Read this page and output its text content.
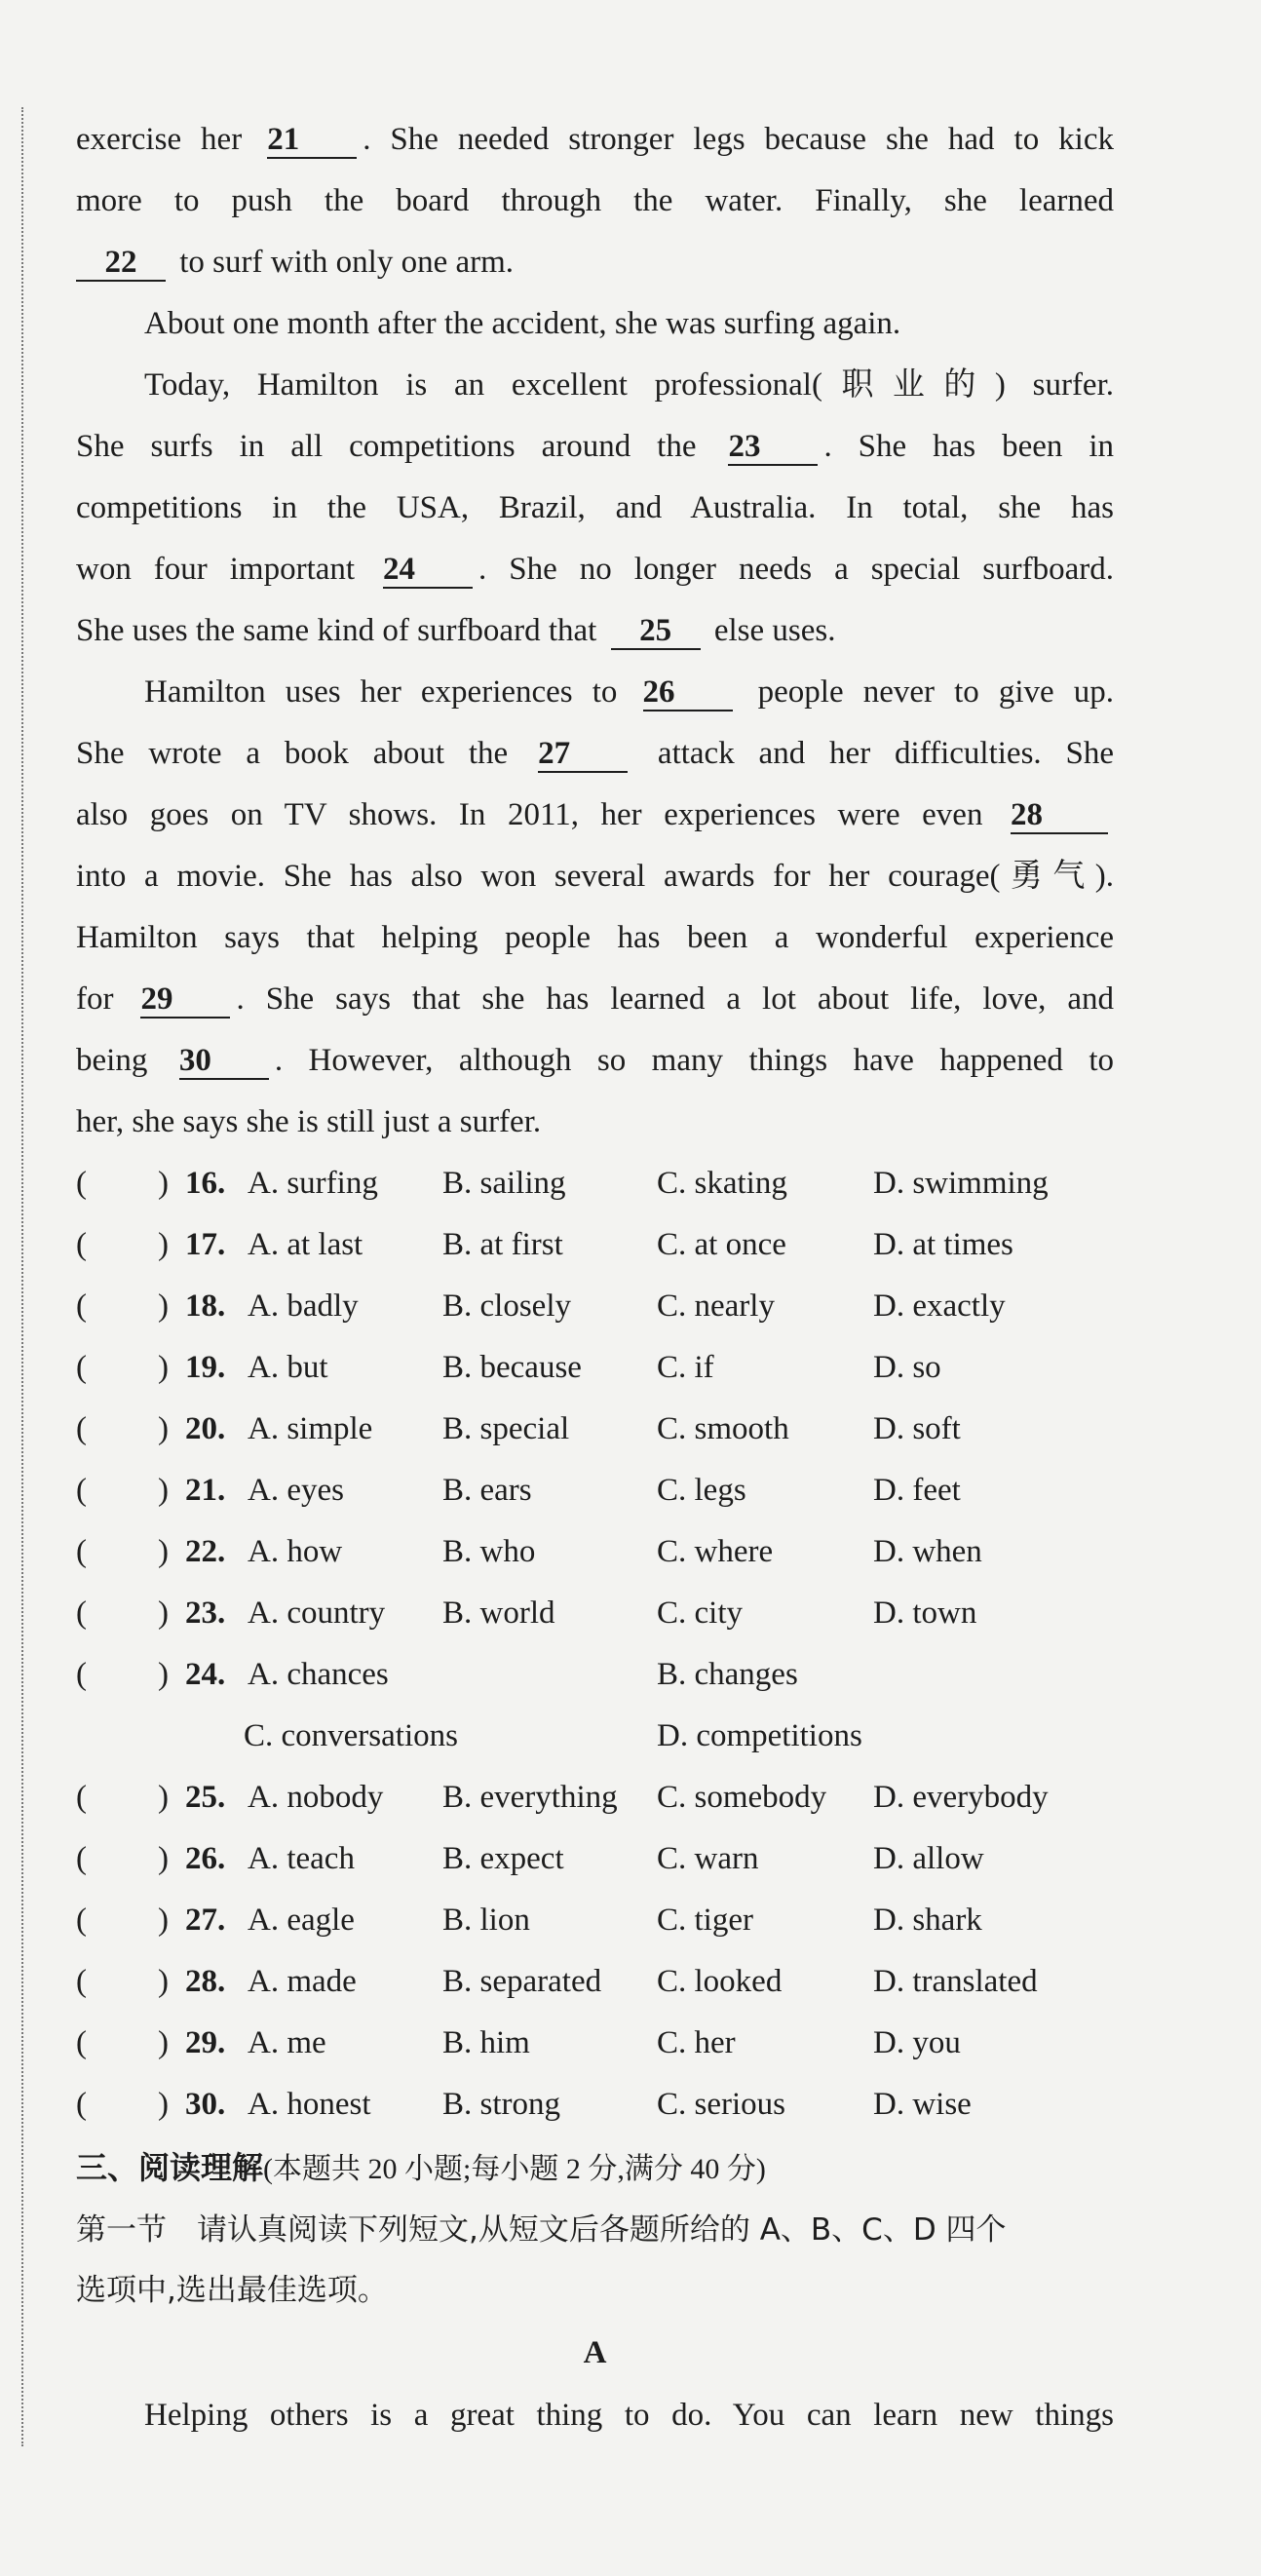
exercise her 21 . She needed stronger legs because she had to kick
more to push the board through the water. Finally, she learned
22 to surf with only one arm.
About one month after the accident, she was surfing again.
Today, Hamilton is an excellent professional(职业的) surfer.
She surfs in all competitions around the 23 . She has been in
competitions in the USA, Brazil, and Australia. In total, she has
won four important 24 . She no longer needs a special surfboard.
She uses the same kind of surfboard that 25 else uses.
Hamilton uses her experiences to 26	people never to give up.
She wrote a book about the 27	attack and her difficulties. She
also goes on TV shows. In 2011, her experiences were even 28
into a movie. She has also won several awards for her courage(勇气).
Hamilton says that helping people has been a wonderful experience
for 29 . She says that she has learned a lot about life, love, and
being 30 . However, although so many things have happened to
her, she says she is still just a surfer.
( ) 16. A. surfing B. sailing	C. skating	D. swimming
( ) 17. A. at last B. at first	C. at once	D. at times
( ) 18. A. badly	B. closely	C. nearly	D. exactly
( ) 19. A. but	B. because C. if	D. so
( ) 20. A. simple B. special	C. smooth	D. soft
( ) 21. A. eyes	B. ears	C. legs	D. feet
( ) 22. A. how	B. who	C. where	D. when
( ) 23. A. country B. world	C. city	D. town
( ) 24. A. chances	B. changes
C. conversations	D. competitions
( ) 25. A. nobody B. everything C. somebody D. everybody
( ) 26. A. teach	B. expect	C. warn	D. allow
( ) 27. A. eagle	B. lion	C. tiger	D. shark
( ) 28. A. made	B. separated C. looked	D. translated
( ) 29. A. me	B. him	C. her	D. you
( ) 30. A. honest B. strong	C. serious	D. wise
三、阅读理解(本题共 20 小题;每小题 2 分,满分 40 分)
第一节　请认真阅读下列短文,从短文后各题所给的 A、B、C、D 四个
选项中,选出最佳选项。
A
Helping others is a great thing to do. You can learn new things
